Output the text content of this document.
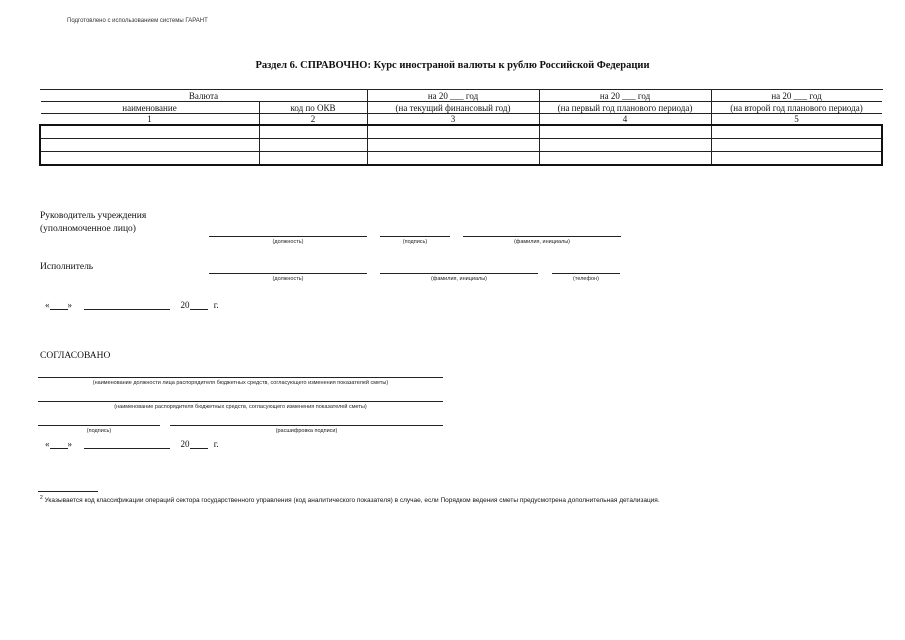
Подготовлено с использованием системы ГАРАНТ
Раздел 6. СПРАВОЧНО: Курс иностраной валюты к рублю Российской Федерации
Валюта		на 20 ___ год	на 20 ___ год	на 20 ___ год
наименование	код по ОКВ	(на текущий финансовый год)	(на первый год планового периода)	(на второй год планового периода)
1	2	3	4	5

Руководитель учреждения
(уполномоченное лицо)
(должность)	(подпись)	(фамилия, инициалы)
Исполнитель
(должность)	(фамилия, инициалы)	(телефон)
« »	20	г.
СОГЛАСОВАНО
(наименование должности лица распорядителя бюджетных средств, согласующего изменения показателей сметы)
(наименование распорядителя бюджетных средств, согласующего изменения показателей сметы)
(подпись)	(расшифровка подписи)
« »	20	г.
$^2$ Указывается код классификации операций сектора государственного управления (код аналитического показателя) в случае, если Порядком ведения сметы предусмотрена дополнительная детализация.
